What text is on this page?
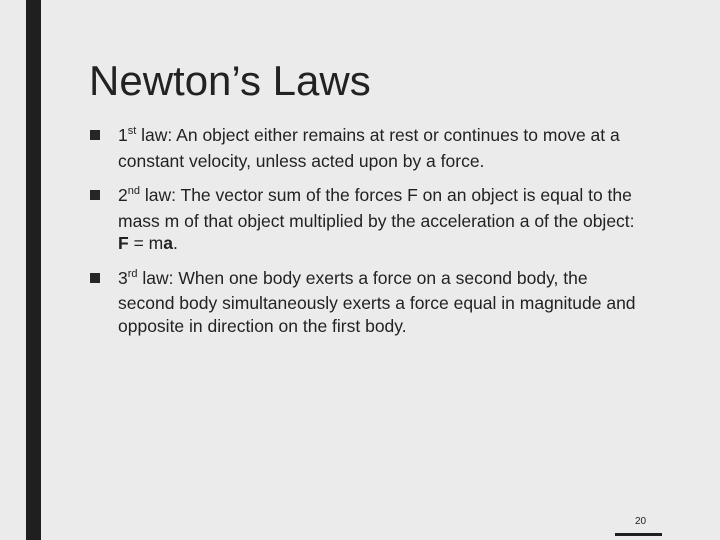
Newton’s Laws
1st law: An object either remains at rest or continues to move at a constant velocity, unless acted upon by a force.
2nd law: The vector sum of the forces F on an object is equal to the mass m of that object multiplied by the acceleration a of the object: F = ma.
3rd law: When one body exerts a force on a second body, the second body simultaneously exerts a force equal in magnitude and opposite in direction on the first body.
20
